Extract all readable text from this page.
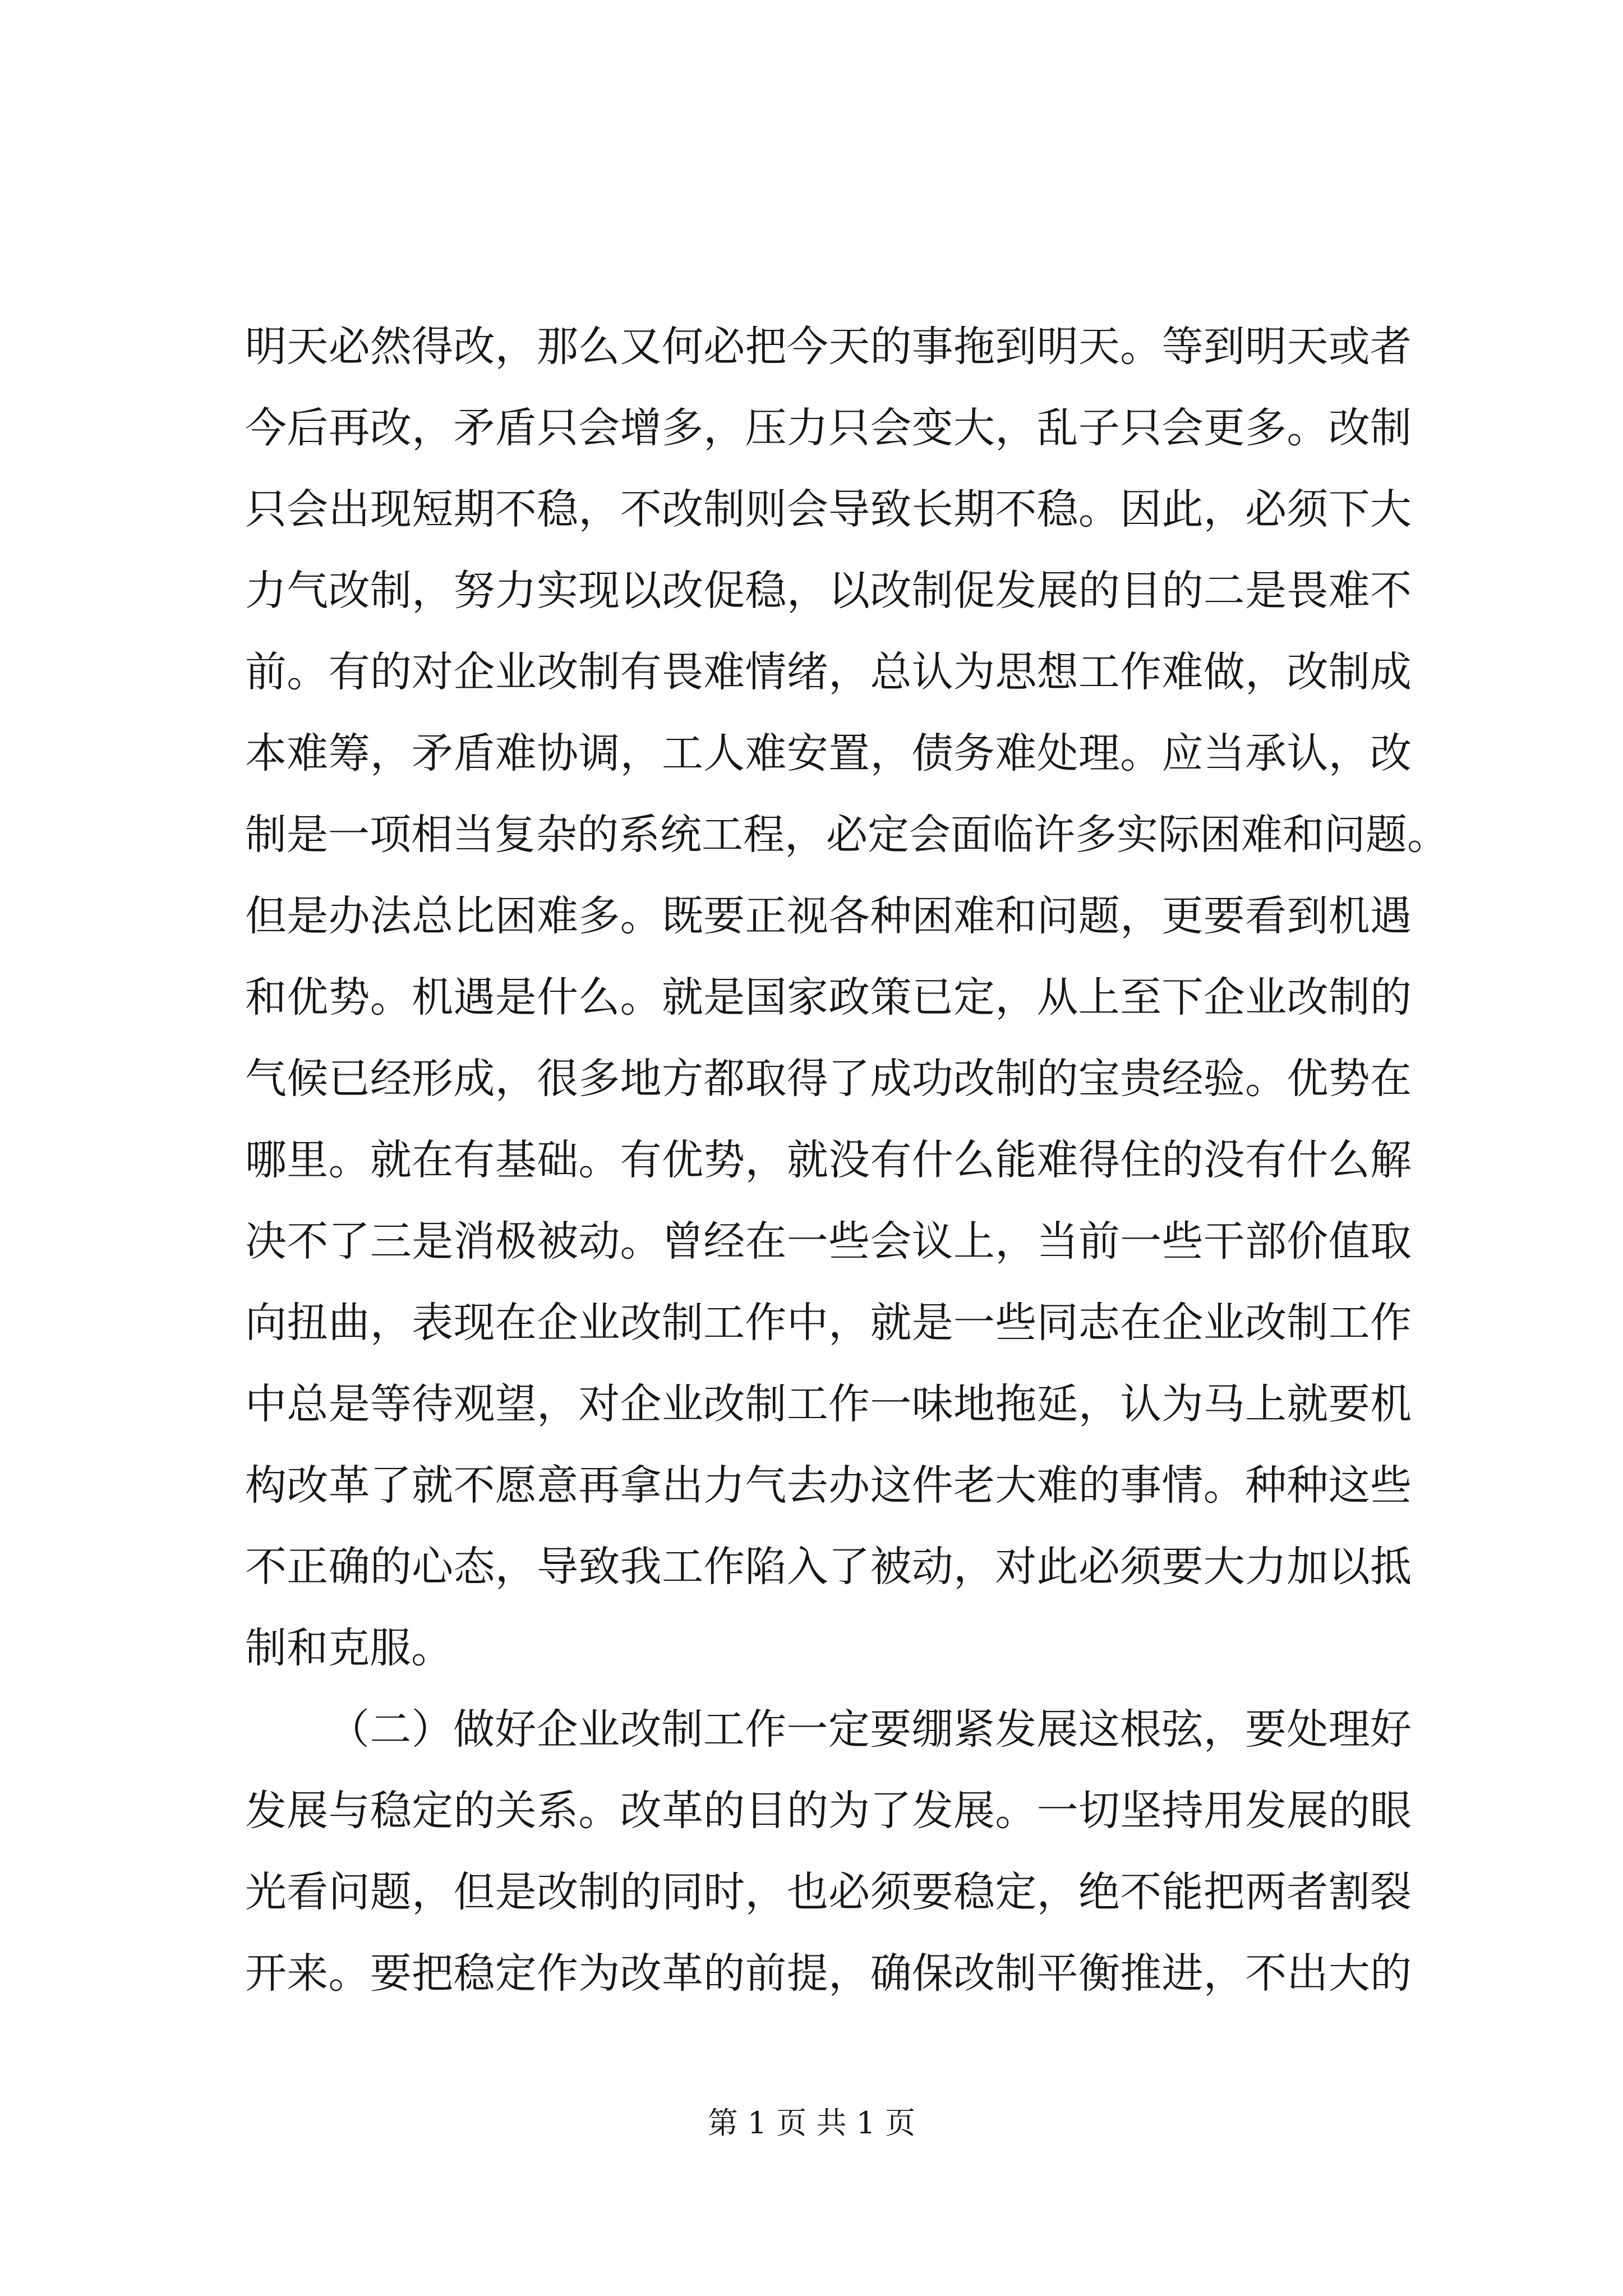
明天必然得改，那么又何必把今天的事拖到明天。等到明天或者
今后再改，矛盾只会增多，压力只会变大，乱子只会更多。改制
只会出现短期不稳，不改制则会导致长期不稳。因此，必须下大
力气改制，努力实现以改促稳，以改制促发展的目的二是畏难不
前。有的对企业改制有畏难情绪，总认为思想工作难做，改制成
本难筹，矛盾难协调，工人难安置，债务难处理。应当承认，改
制是一项相当复杂的系统工程，必定会面临许多实际困难和问题。
但是办法总比困难多。既要正视各种困难和问题，更要看到机遇
和优势。机遇是什么。就是国家政策已定，从上至下企业改制的
气候已经形成，很多地方都取得了成功改制的宝贵经验。优势在
哪里。就在有基础。有优势，就没有什么能难得住的没有什么解
决不了三是消极被动。曾经在一些会议上，当前一些干部价值取
向扭曲，表现在企业改制工作中，就是一些同志在企业改制工作
中总是等待观望，对企业改制工作一味地拖延，认为马上就要机
构改革了就不愿意再拿出力气去办这件老大难的事情。种种这些
不正确的心态，导致我工作陷入了被动，对此必须要大力加以抵
制和克服。
（二）做好企业改制工作一定要绷紧发展这根弦，要处理好
发展与稳定的关系。改革的目的为了发展。一切坚持用发展的眼
光看问题，但是改制的同时，也必须要稳定，绝不能把两者割裂
开来。要把稳定作为改革的前提，确保改制平衡推进，不出大的
第 1 页 共 1 页
